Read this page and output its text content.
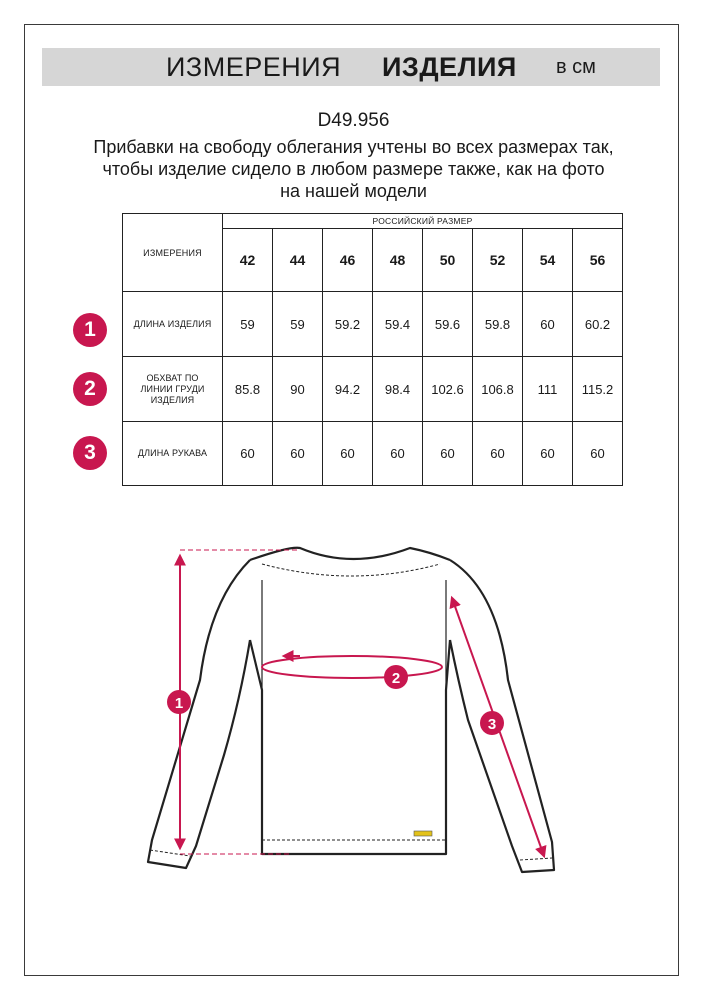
ИЗМЕРЕНИЯ ИЗДЕЛИЯ в см
D49.956
Прибавки на свободу облегания учтены во всех размерах так,
чтобы изделие сидело в любом размере также, как на фото
на нашей модели
ИЗМЕРЕНИЯ	РОССИЙСКИЙ РАЗМЕР							
	42	44	46	48	50	52	54	56
ДЛИНА ИЗДЕЛИЯ	59	59	59.2	59.4	59.6	59.8	60	60.2

ОБХВАТ ПО
ЛИНИИ ГРУДИ
ИЗДЕЛИЯ	85.8	90	94.2	98.4	102.6	106.8	111	115.2
ДЛИНА РУКАВА	60	60	60	60	60	60	60	60
1
2
3
1
2
3
